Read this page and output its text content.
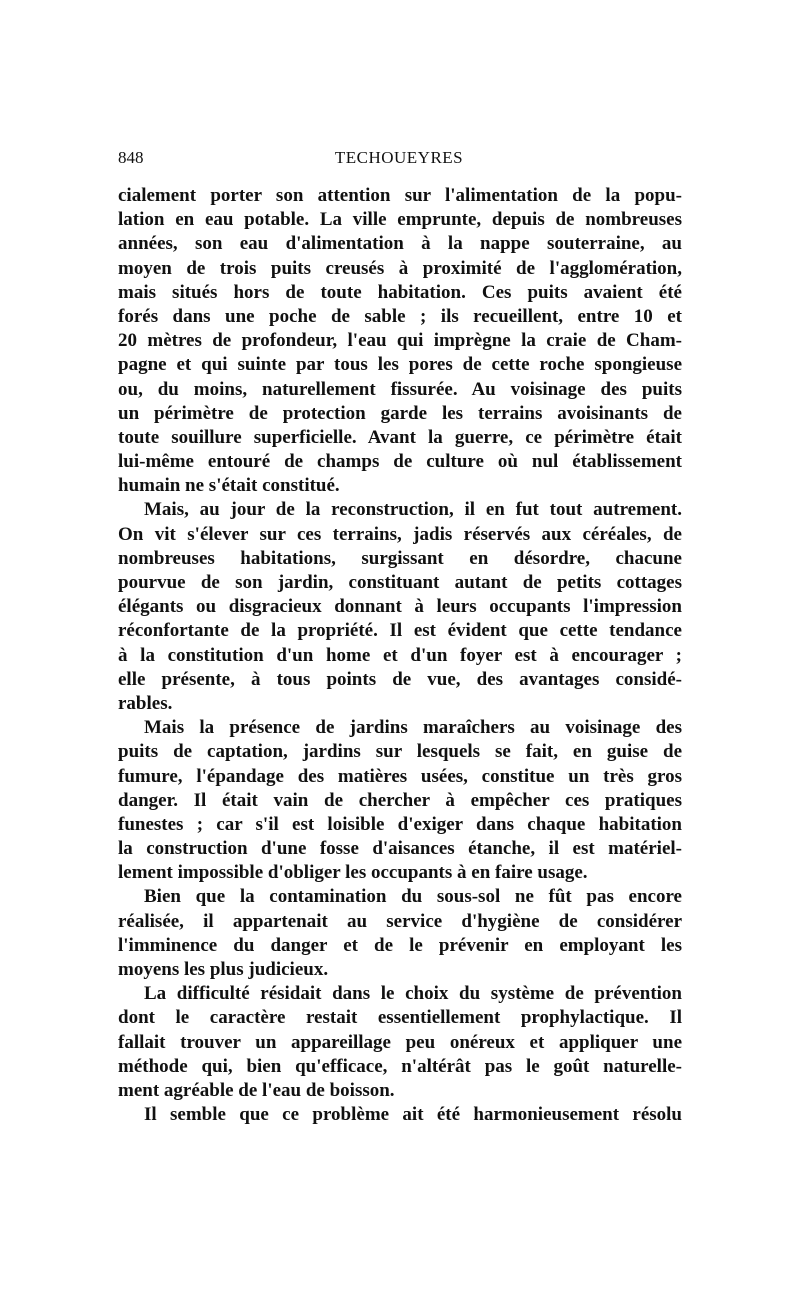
848	TECHOUEYRES
cialement porter son attention sur l'alimentation de la popu-
lation en eau potable. La ville emprunte, depuis de nombreuses
années, son eau d'alimentation à la nappe souterraine, au
moyen de trois puits creusés à proximité de l'agglomération,
mais situés hors de toute habitation. Ces puits avaient été
forés dans une poche de sable ; ils recueillent, entre 10 et
20 mètres de profondeur, l'eau qui imprègne la craie de Cham-
pagne et qui suinte par tous les pores de cette roche spongieuse
ou, du moins, naturellement fissurée. Au voisinage des puits
un périmètre de protection garde les terrains avoisinants de
toute souillure superficielle. Avant la guerre, ce périmètre était
lui-même entouré de champs de culture où nul établissement
humain ne s'était constitué.
Mais, au jour de la reconstruction, il en fut tout autrement.
On vit s'élever sur ces terrains, jadis réservés aux céréales, de
nombreuses habitations, surgissant en désordre, chacune
pourvue de son jardin, constituant autant de petits cottages
élégants ou disgracieux donnant à leurs occupants l'impression
réconfortante de la propriété. Il est évident que cette tendance
à la constitution d'un home et d'un foyer est à encourager ;
elle présente, à tous points de vue, des avantages considé-
rables.
Mais la présence de jardins maraîchers au voisinage des
puits de captation, jardins sur lesquels se fait, en guise de
fumure, l'épandage des matières usées, constitue un très gros
danger. Il était vain de chercher à empêcher ces pratiques
funestes ; car s'il est loisible d'exiger dans chaque habitation
la construction d'une fosse d'aisances étanche, il est matériel-
lement impossible d'obliger les occupants à en faire usage.
Bien que la contamination du sous-sol ne fût pas encore
réalisée, il appartenait au service d'hygiène de considérer
l'imminence du danger et de le prévenir en employant les
moyens les plus judicieux.
La difficulté résidait dans le choix du système de prévention
dont le caractère restait essentiellement prophylactique. Il
fallait trouver un appareillage peu onéreux et appliquer une
méthode qui, bien qu'efficace, n'altérât pas le goût naturelle-
ment agréable de l'eau de boisson.
Il semble que ce problème ait été harmonieusement résolu
